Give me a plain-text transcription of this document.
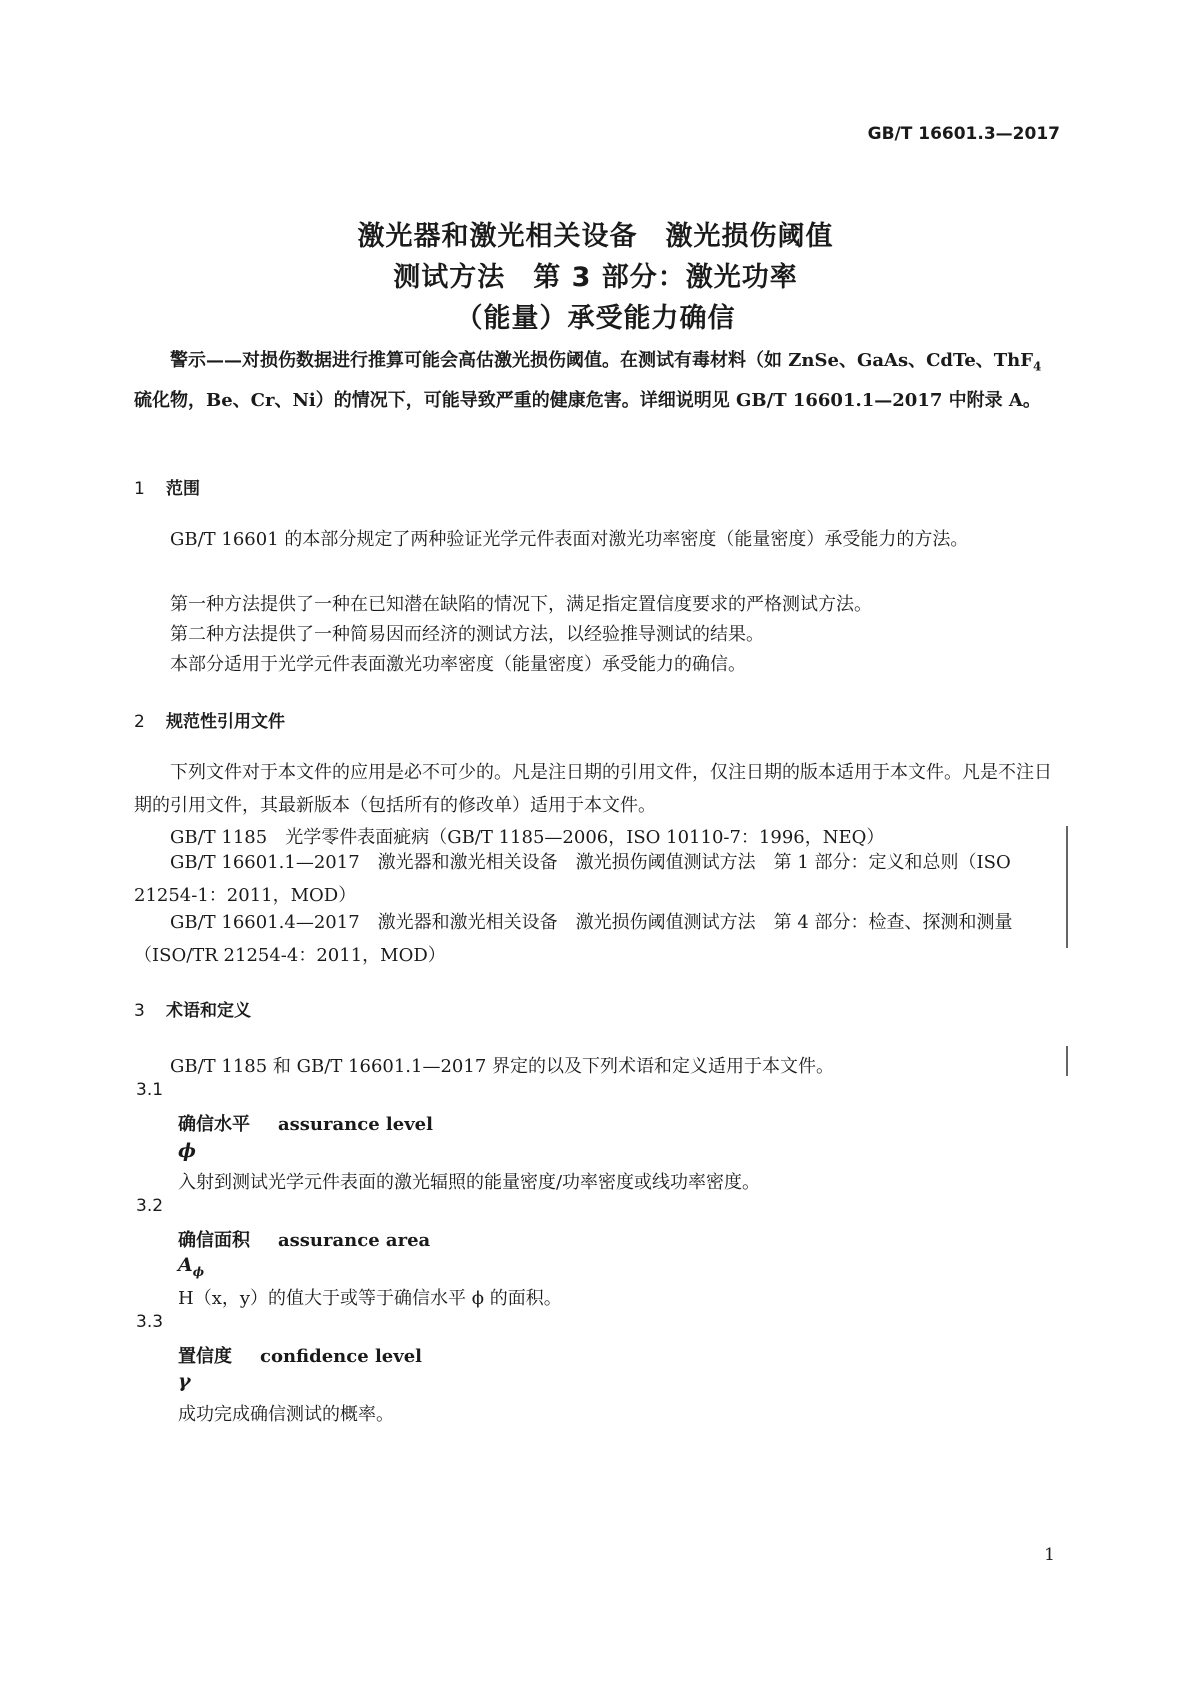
GB/T 16601.3—2017
激光器和激光相关设备　激光损伤阈值
测试方法　第 3 部分：激光功率
（能量）承受能力确信
警示——对损伤数据进行推算可能会高估激光损伤阈值。在测试有毒材料（如 ZnSe、GaAs、CdTe、ThF$_4$硫化物，Be、Cr、Ni）的情况下，可能导致严重的健康危害。详细说明见 GB/T 16601.1—2017 中附录 A。
1 范围
GB/T 16601 的本部分规定了两种验证光学元件表面对激光功率密度（能量密度）承受能力的方法。
第一种方法提供了一种在已知潜在缺陷的情况下，满足指定置信度要求的严格测试方法。
第二种方法提供了一种简易因而经济的测试方法，以经验推导测试的结果。
本部分适用于光学元件表面激光功率密度（能量密度）承受能力的确信。
2 规范性引用文件
下列文件对于本文件的应用是必不可少的。凡是注日期的引用文件，仅注日期的版本适用于本文件。凡是不注日期的引用文件，其最新版本（包括所有的修改单）适用于本文件。
GB/T 1185　光学零件表面疵病（GB/T 1185—2006，ISO 10110-7：1996，NEQ）
GB/T 16601.1—2017　激光器和激光相关设备　激光损伤阈值测试方法　第 1 部分：定义和总则（ISO 21254-1：2011，MOD）
GB/T 16601.4—2017　激光器和激光相关设备　激光损伤阈值测试方法　第 4 部分：检查、探测和测量（ISO/TR 21254-4：2011，MOD）
3 术语和定义
GB/T 1185 和 GB/T 16601.1—2017 界定的以及下列术语和定义适用于本文件。
3.1
确信水平 assurance level
ϕ
入射到测试光学元件表面的激光辐照的能量密度/功率密度或线功率密度。
3.2
确信面积 assurance area
$A_\phi$
H（x，y）的值大于或等于确信水平 ϕ 的面积。
3.3
置信度 confidence level
γ
成功完成确信测试的概率。
1
